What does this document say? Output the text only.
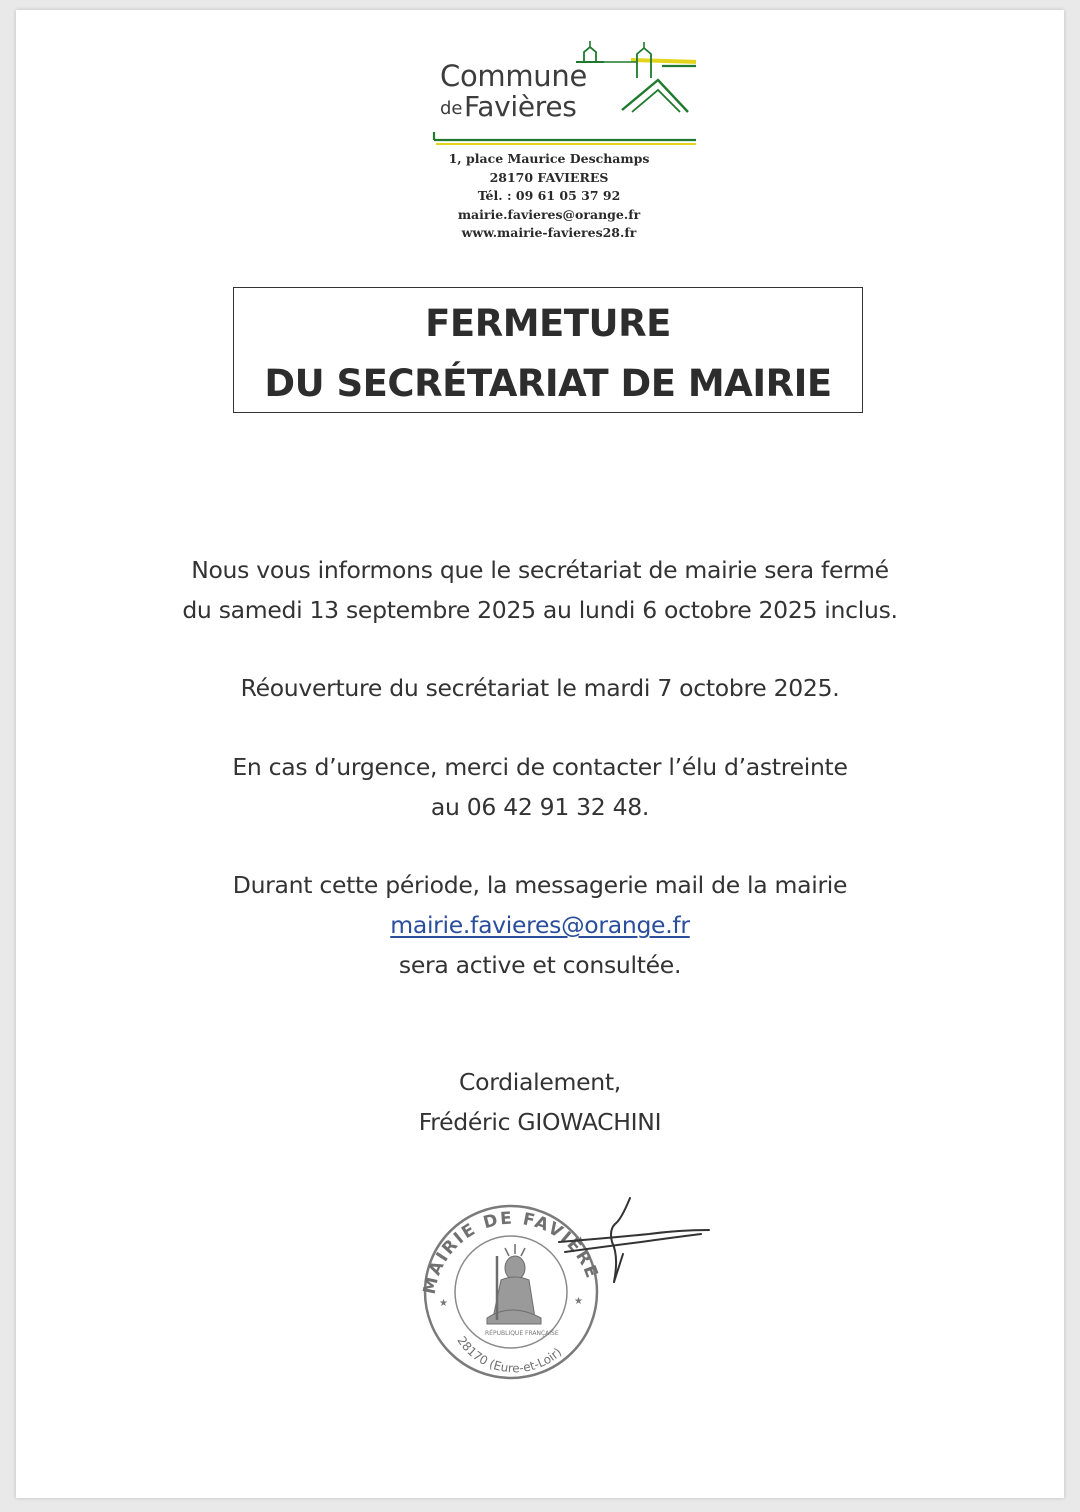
Commune
de Favières
1, place Maurice Deschamps
28170 FAVIERES
Tél. : 09 61 05 37 92
mairie.favieres@orange.fr
www.mairie-favieres28.fr
FERMETURE
DU SECRÉTARIAT DE MAIRIE
Nous vous informons que le secrétariat de mairie sera fermé
du samedi 13 septembre 2025 au lundi 6 octobre 2025 inclus.
Réouverture du secrétariat le mardi 7 octobre 2025.
En cas d’urgence, merci de contacter l’élu d’astreinte
au 06 42 91 32 48.
Durant cette période, la messagerie mail de la mairie
mairie.favieres@orange.fr
sera active et consultée.
Cordialement,
Frédéric GIOWACHINI
MAIRIE DE FAVIÈRE
28170 (Eure-et-Loir)
RÉPUBLIQUE FRANÇAISE
★	★
